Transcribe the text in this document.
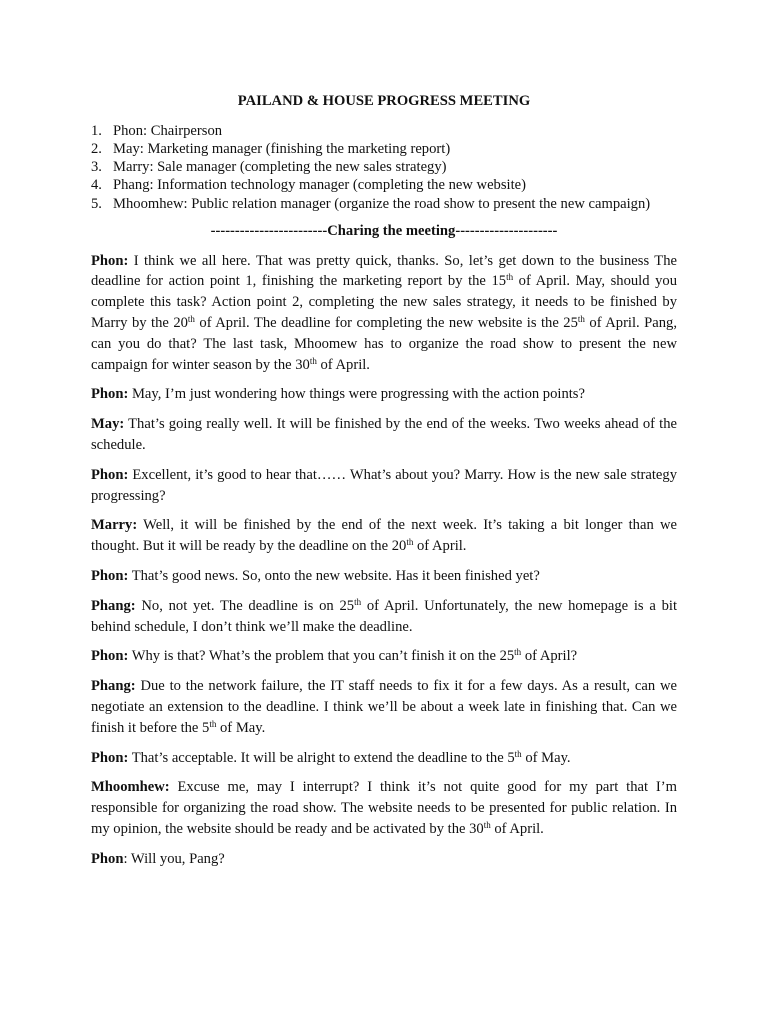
PAILAND & HOUSE PROGRESS MEETING
1. Phon: Chairperson
2. May: Marketing manager (finishing the marketing report)
3. Marry: Sale manager (completing the new sales strategy)
4. Phang: Information technology manager (completing the new website)
5. Mhoomhew: Public relation manager (organize the road show to present the new campaign)
------------------------Charing the meeting---------------------
Phon: I think we all here. That was pretty quick, thanks. So, let’s get down to the business The deadline for action point 1, finishing the marketing report by the 15th of April. May, should you complete this task? Action point 2, completing the new sales strategy, it needs to be finished by Marry by the 20th of April. The deadline for completing the new website is the 25th of April. Pang, can you do that? The last task, Mhoomew has to organize the road show to present the new campaign for winter season by the 30th of April.
Phon: May, I’m just wondering how things were progressing with the action points?
May: That’s going really well. It will be finished by the end of the weeks. Two weeks ahead of the schedule.
Phon: Excellent, it’s good to hear that…… What’s about you? Marry. How is the new sale strategy progressing?
Marry: Well, it will be finished by the end of the next week. It’s taking a bit longer than we thought. But it will be ready by the deadline on the 20th of April.
Phon: That’s good news. So, onto the new website. Has it been finished yet?
Phang: No, not yet. The deadline is on 25th of April. Unfortunately, the new homepage is a bit behind schedule, I don’t think we’ll make the deadline.
Phon: Why is that? What’s the problem that you can’t finish it on the 25th of April?
Phang: Due to the network failure, the IT staff needs to fix it for a few days. As a result, can we negotiate an extension to the deadline. I think we’ll be about a week late in finishing that. Can we finish it before the 5th of May.
Phon: That’s acceptable. It will be alright to extend the deadline to the 5th of May.
Mhoomhew: Excuse me, may I interrupt? I think it’s not quite good for my part that I’m responsible for organizing the road show. The website needs to be presented for public relation. In my opinion, the website should be ready and be activated by the 30th of April.
Phon: Will you, Pang?
